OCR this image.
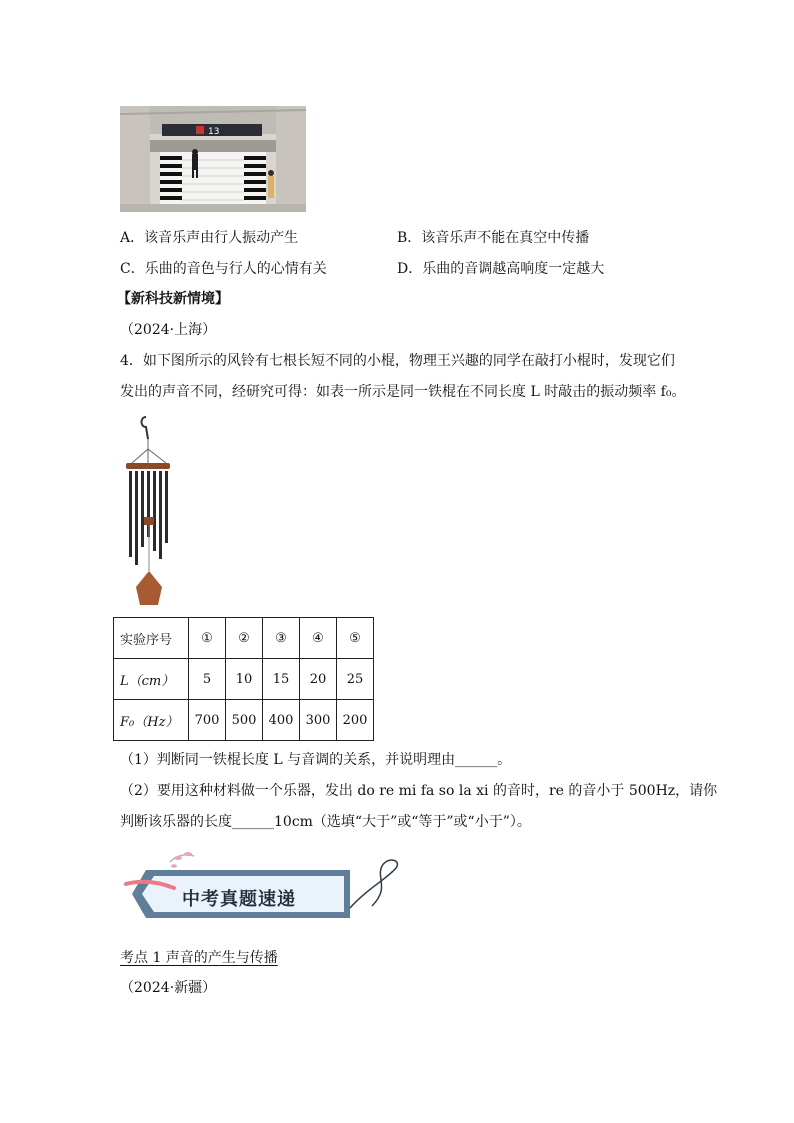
13
A．该音乐声由行人振动产生	B．该音乐声不能在真空中传播
C．乐曲的音色与行人的心情有关	D．乐曲的音调越高响度一定越大
【新科技新情境】
（2024·上海）
4．如下图所示的风铃有七根长短不同的小棍，物理王兴趣的同学在敲打小棍时，发现它们
发出的声音不同，经研究可得：如表一所示是同一铁棍在不同长度 L 时敲击的振动频率 f₀。
实验序号	①	②	③	④	⑤
L（cm）	5	10	15	20	25
F₀（Hz）	700	500	400	300	200
（1）判断同一铁棍长度 L 与音调的关系，并说明理由______。
（2）要用这种材料做一个乐器，发出 do re mi fa so la xi 的音时，re 的音小于 500Hz，请你
判断该乐器的长度______10cm（选填“大于”或“等于”或“小于”）。
中考真题速递
考点 1 声音的产生与传播
（2024·新疆）
